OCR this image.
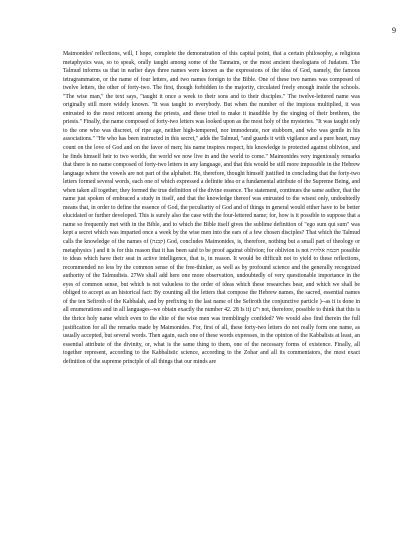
9

Maimonides' reflections, will, I hope, complete the demonstration of this capital point, that a certain philosophy, a religious metaphysics was, so to speak, orally taught among some of the Tannaim, or the most ancient theologians of Judaism. The Talmud informs us that in earlier days three names were known as the expressions of the idea of God, namely, the famous tetragrammaton, or the name of four letters, and two names foreign to the Bible. One of these two names was composed of twelve letters, the other of forty-two. The first, though forbidden to the majority, circulated freely enough inside the schools. "The wise man," the text says, "taught it once a week to their sons and to their disciples." The twelve-lettered name was originally still more widely known. "It was taught to everybody. But when the number of the impious multiplied, it was entrusted to the most reticent among the priests, and these tried to make it inaudible by the singing of their brethren, the priests." Finally, the name composed of forty-two letters was looked upon as the most holy of the mysteries. "It was taught only to the one who was discreet, of ripe age, neither high-tempered, nor immoderate, nor stubborn, and who was gentle in his associations." "He who has been instructed in this secret," adds the Talmud, "and guards it with vigilance and a pure heart, may count on the love of God and on the favor of men; his name inspires respect, his knowledge is protected against oblivion, and he finds himself heir to two worlds, the world we now live in and the world to come." Maimonides very ingeniously remarks that there is no name composed of forty-two letters in any language, and that this would be still more impossible in the Hebrew language where the vowels are not part of the alphabet. He, therefore, thought himself justified in concluding that the forty-two letters formed several words, each one of which expressed a definite idea or a fundamental attribute of the Supreme Being, and when taken all together, they formed the true definition of the divine essence. The statement, continues the same author, that the name just spoken of embraced a study in itself, and that the knowledge thereof was entrusted to the wisest only, undoubtedly means that, in order to define the essence of God, the peculiarity of God and of things in general would either have to be better elucidated or further developed. This is surely also the case with the four-lettered name; for, how is it possible to suppose that a name so frequently met with in the Bible, and to which the Bible itself gives the sublime definition of "ego sum qui sum" was kept a secret which was imparted once a week by the wise men into the ears of a few chosen disciples? That which the Talmud calls the knowledge of the names of (קבנה) God, concludes Maimonides, is, therefore, nothing but a small part of theology or metaphysics ) and it is for this reason that it has been said to be proof against oblivion; for oblivion is not חכמה אלהית possible to ideas which have their seat in active intelligence, that is, in reason. It would be difficult not to yield to these reflections, recommended no less by the common sense of the free-thinker, as well as by profound science and the generally recognized authority of the Talmudists. 27We shall add here one more observation, undoubtedly of very questionable importance in the eyes of common sense, but which is not valueless to the order of ideas which these researches bear, and which we shall be obliged to accept as an historical fact: By counting all the letters that compose the Hebrew names, the sacred, essential names of the ten Sefiroth of the Kabbalah, and by prefixing to the last name of the Sefiroth the conjunctive particle )--as it is done in all enumerations and in all languages--we obtain exactly the number 42. 28 Is it) ו"ע not, therefore, possible to think that this is the thrice holy name which even to the elite of the wise men was tremblingly confided? We would also find therein the full justification for all the remarks made by Maimonides. For, first of all, these forty-two letters do not really form one name, as usually accepted, but several words. Then again, each one of these words expresses, in the opinion of the Kabbalists at least, an essential attribute of the divinity, or, what is the same thing to them, one of the necessary forms of existence. Finally, all together represent, according to the Kabbalistic science, according to the Zohar and all its commentators, the most exact definition of the supreme principle of all things that our minds are
